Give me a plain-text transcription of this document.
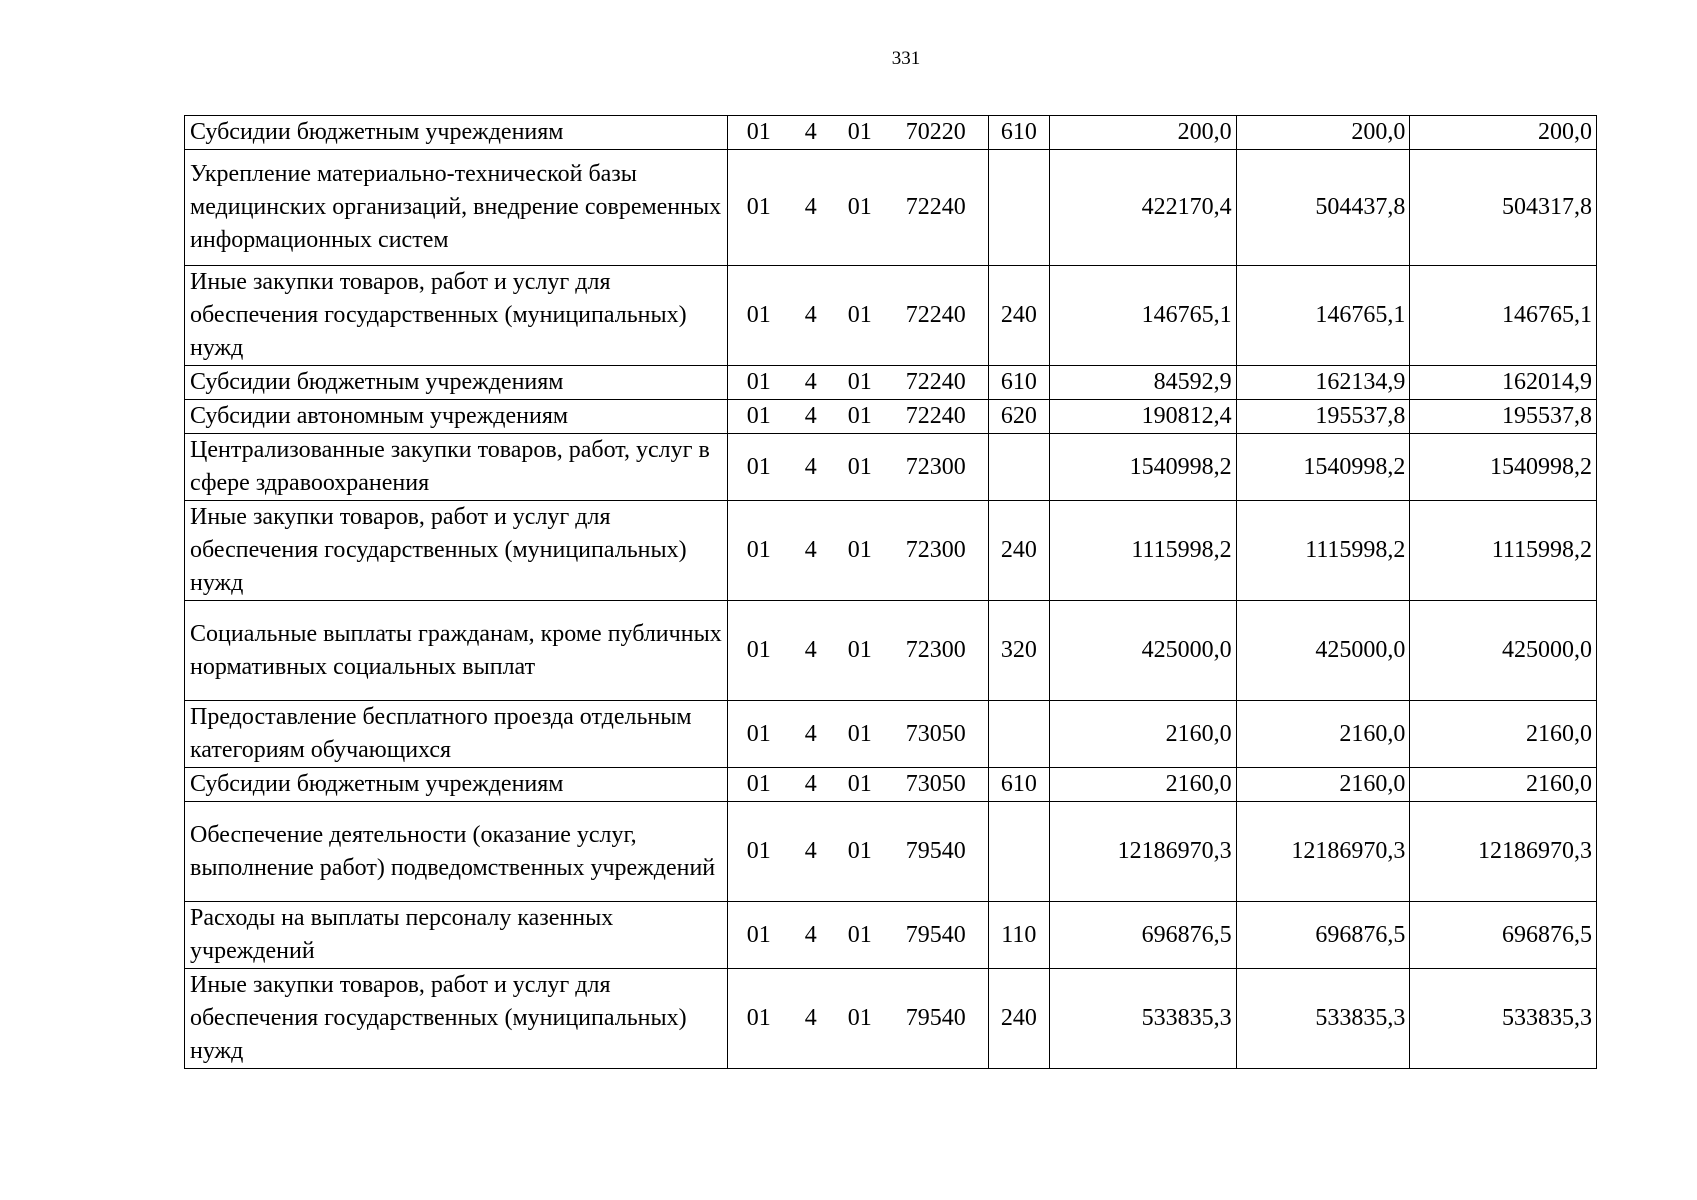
331
Субсидии бюджетным учреждениям	01 4 01 70220	610	200,0	200,0	200,0
Укрепление материально-технической базы медицинских организаций, внедрение современных информационных систем	01 4 01 72240		422170,4	504437,8	504317,8
Иные закупки товаров, работ и услуг для обеспечения государственных (муниципальных) нужд	01 4 01 72240	240	146765,1	146765,1	146765,1
Субсидии бюджетным учреждениям	01 4 01 72240	610	84592,9	162134,9	162014,9
Субсидии автономным учреждениям	01 4 01 72240	620	190812,4	195537,8	195537,8
Централизованные закупки товаров, работ, услуг в сфере здравоохранения	01 4 01 72300		1540998,2	1540998,2	1540998,2
Иные закупки товаров, работ и услуг для обеспечения государственных (муниципальных) нужд	01 4 01 72300	240	1115998,2	1115998,2	1115998,2
Социальные выплаты гражданам, кроме публичных нормативных социальных выплат	01 4 01 72300	320	425000,0	425000,0	425000,0
Предоставление бесплатного проезда отдельным категориям обучающихся	01 4 01 73050		2160,0	2160,0	2160,0
Субсидии бюджетным учреждениям	01 4 01 73050	610	2160,0	2160,0	2160,0
Обеспечение деятельности (оказание услуг, выполнение работ) подведомственных учреждений	01 4 01 79540		12186970,3	12186970,3	12186970,3
Расходы на выплаты персоналу казенных учреждений	01 4 01 79540	110	696876,5	696876,5	696876,5
Иные закупки товаров, работ и услуг для обеспечения государственных (муниципальных) нужд	01 4 01 79540	240	533835,3	533835,3	533835,3
